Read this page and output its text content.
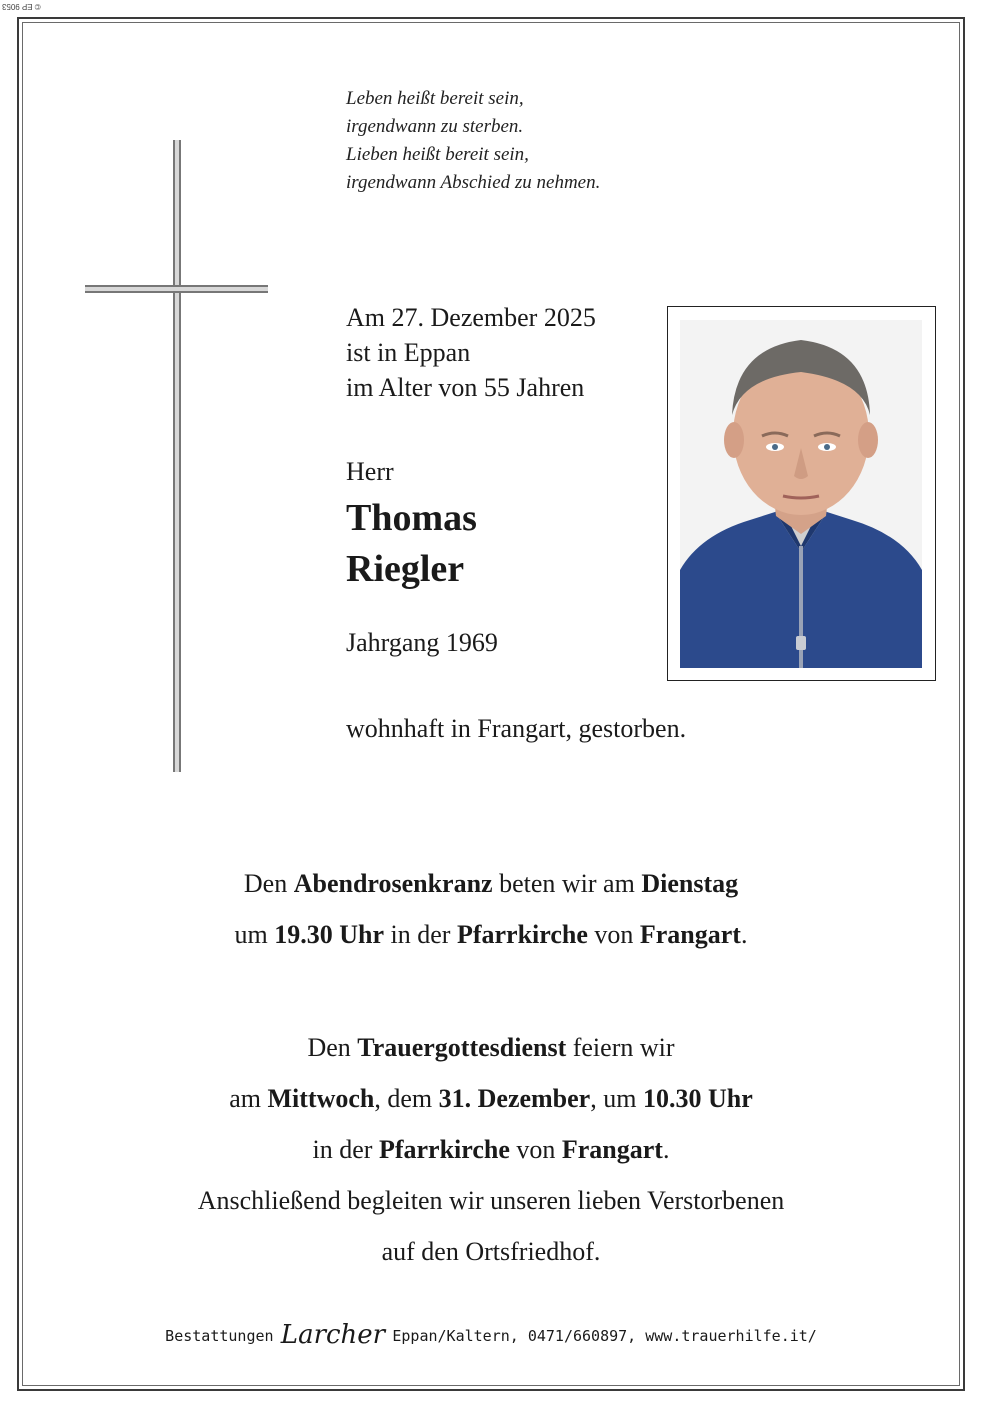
© EP 9053
Leben heißt bereit sein,
irgendwann zu sterben.
Lieben heißt bereit sein,
irgendwann Abschied zu nehmen.
Am 27. Dezember 2025
ist in Eppan
im Alter von 55 Jahren
Herr
Thomas
Riegler
Jahrgang 1969
wohnhaft in Frangart, gestorben.
Den Abendrosenkranz beten wir am Dienstag
um 19.30 Uhr in der Pfarrkirche von Frangart.
Den Trauergottesdienst feiern wir
am Mittwoch, dem 31. Dezember, um 10.30 Uhr
in der Pfarrkirche von Frangart.
Anschließend begleiten wir unseren lieben Verstorbenen
auf den Ortsfriedhof.
Bestattungen Larcher Eppan/Kaltern, 0471/660897, www.trauerhilfe.it/
